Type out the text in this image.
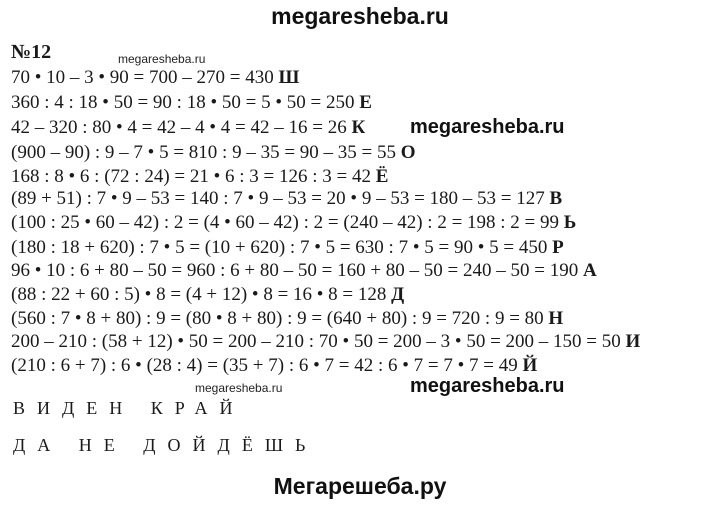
megaresheba.ru
№12	megaresheba.ru
70 • 10 – 3 • 90 = 700 – 270 = 430 Ш
360 : 4 : 18 • 50 = 90 : 18 • 50 = 5 • 50 = 250 Е
42 – 320 : 80 • 4 = 42 – 4 • 4 = 42 – 16 = 26 К
(900 – 90) : 9 – 7 • 5 = 810 : 9 – 35 = 90 – 35 = 55 О
168 : 8 • 6 : (72 : 24) = 21 • 6 : 3 = 126 : 3 = 42 Ё
(89 + 51) : 7 • 9 – 53 = 140 : 7 • 9 – 53 = 20 • 9 – 53 = 180 – 53 = 127 В
(100 : 25 • 60 – 42) : 2 = (4 • 60 – 42) : 2 = (240 – 42) : 2 = 198 : 2 = 99 Ь
(180 : 18 + 620) : 7 • 5 = (10 + 620) : 7 • 5 = 630 : 7 • 5 = 90 • 5 = 450 Р
96 • 10 : 6 + 80 – 50 = 960 : 6 + 80 – 50 = 160 + 80 – 50 = 240 – 50 = 190 А
(88 : 22 + 60 : 5) • 8 = (4 + 12) • 8 = 16 • 8 = 128 Д
(560 : 7 • 8 + 80) : 9 = (80 • 8 + 80) : 9 = (640 + 80) : 9 = 720 : 9 = 80 Н
200 – 210 : (58 + 12) • 50 = 200 – 210 : 70 • 50 = 200 – 3 • 50 = 200 – 150 = 50 И
(210 : 6 + 7) : 6 • (28 : 4) = (35 + 7) : 6 • 7 = 42 : 6 • 7 = 7 • 7 = 49 Й
megaresheba.ru
megaresheba.ru
megaresheba.ru
ВИДЕН КРАЙ
ДА НЕ ДОЙДЁШЬ
Мегарешеба.ру
